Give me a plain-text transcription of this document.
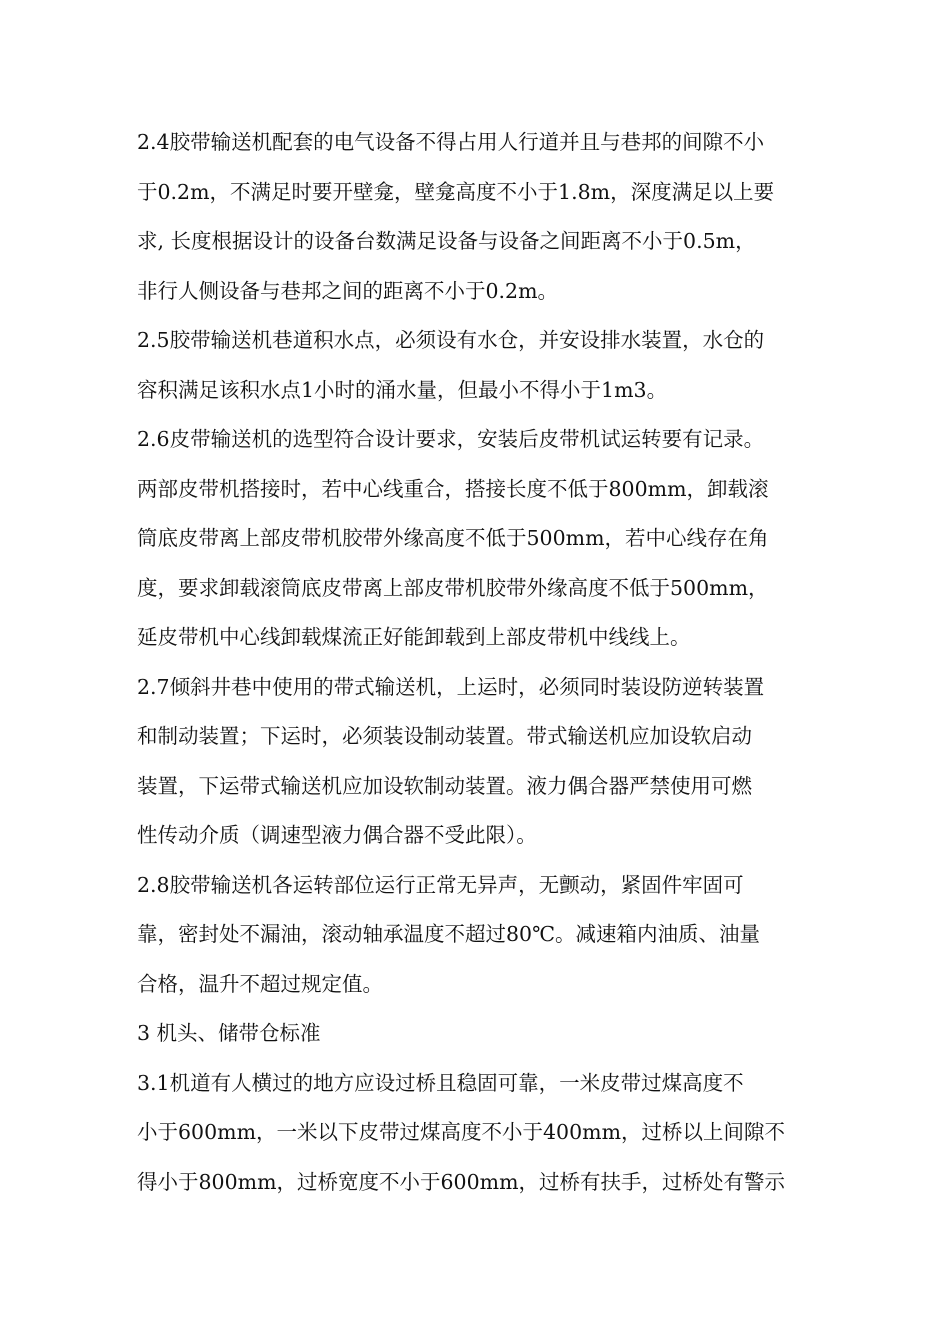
2.4胶带输送机配套的电气设备不得占用人行道并且与巷邦的间隙不小
于0.2m，不满足时要开壁龛，壁龛高度不小于1.8m，深度满足以上要
求, 长度根据设计的设备台数满足设备与设备之间距离不小于0.5m，
非行人侧设备与巷邦之间的距离不小于0.2m。
2.5胶带输送机巷道积水点，必须设有水仓，并安设排水装置，水仓的
容积满足该积水点1小时的涌水量，但最小不得小于1m3。
2.6皮带输送机的选型符合设计要求，安装后皮带机试运转要有记录。
两部皮带机搭接时，若中心线重合，搭接长度不低于800mm，卸载滚
筒底皮带离上部皮带机胶带外缘高度不低于500mm，若中心线存在角
度，要求卸载滚筒底皮带离上部皮带机胶带外缘高度不低于500mm，
延皮带机中心线卸载煤流正好能卸载到上部皮带机中线线上。
2.7倾斜井巷中使用的带式输送机，上运时，必须同时装设防逆转装置
和制动装置；下运时，必须装设制动装置。带式输送机应加设软启动
装置，下运带式输送机应加设软制动装置。液力偶合器严禁使用可燃
性传动介质（调速型液力偶合器不受此限）。
2.8胶带输送机各运转部位运行正常无异声，无颤动，紧固件牢固可
靠，密封处不漏油，滚动轴承温度不超过80℃。减速箱内油质、油量
合格，温升不超过规定值。
3 机头、储带仓标准
3.1机道有人横过的地方应设过桥且稳固可靠，一米皮带过煤高度不
小于600mm，一米以下皮带过煤高度不小于400mm，过桥以上间隙不
得小于800mm，过桥宽度不小于600mm，过桥有扶手，过桥处有警示
